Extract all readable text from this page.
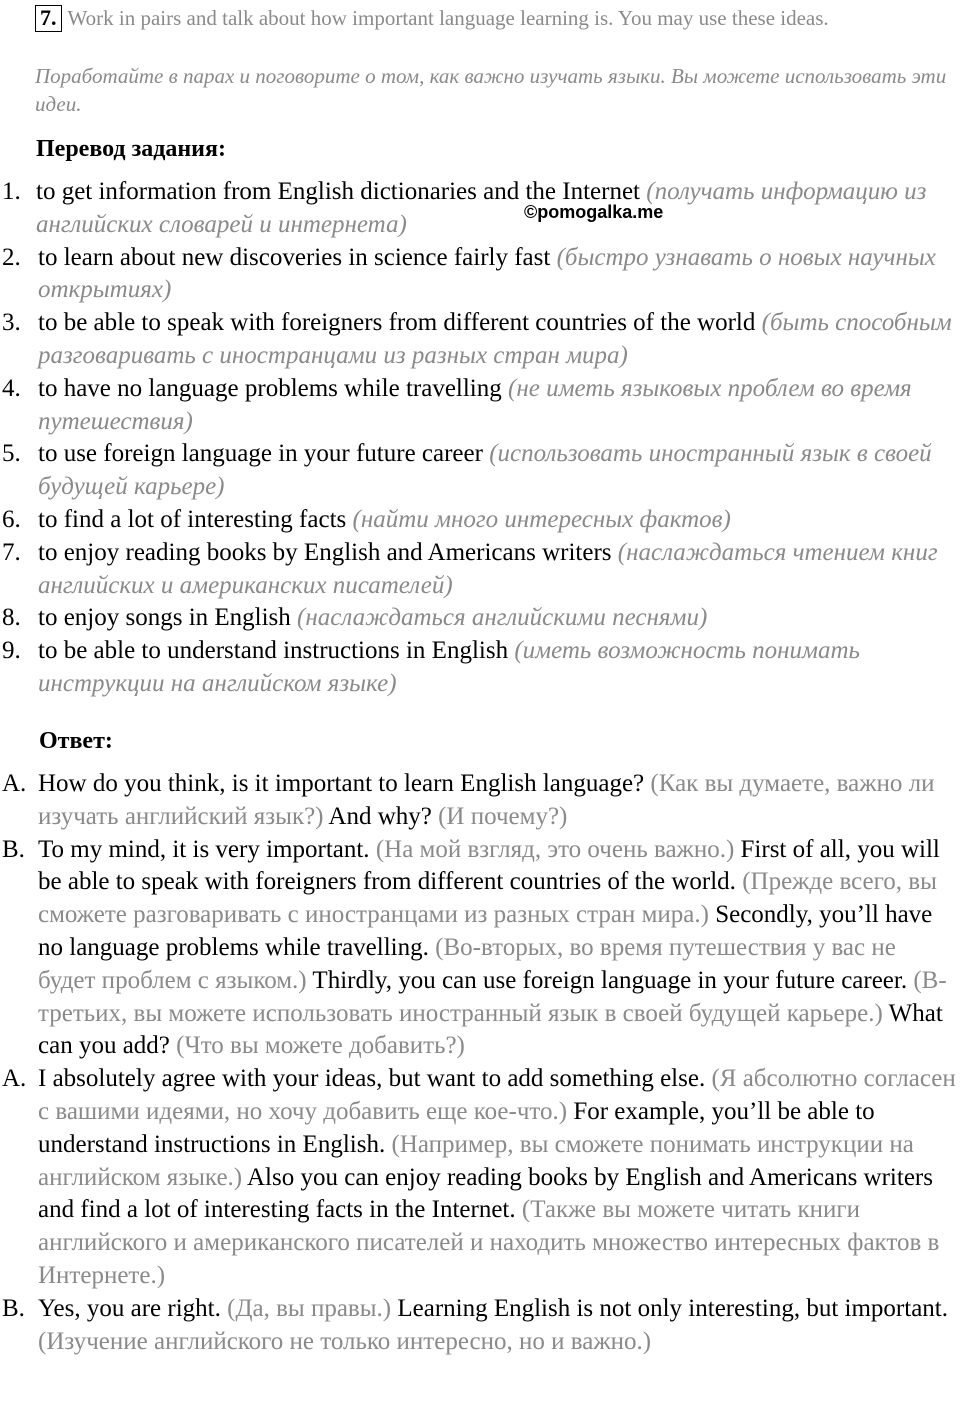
7. Work in pairs and talk about how important language learning is. You may use these ideas.
Поработайте в парах и поговорите о том, как важно изучать языки. Вы можете использовать эти идеи.
Перевод задания:
1. to get information from English dictionaries and the Internet (получать информацию из английских словарей и интернета)
2. to learn about new discoveries in science fairly fast (быстро узнавать о новых научных открытиях)
3. to be able to speak with foreigners from different countries of the world (быть способным разговаривать с иностранцами из разных стран мира)
4. to have no language problems while travelling (не иметь языковых проблем во время путешествия)
5. to use foreign language in your future career (использовать иностранный язык в своей будущей карьере)
6. to find a lot of interesting facts (найти много интересных фактов)
7. to enjoy reading books by English and Americans writers (наслаждаться чтением книг английских и американских писателей)
8. to enjoy songs in English (наслаждаться английскими песнями)
9. to be able to understand instructions in English (иметь возможность понимать инструкции на английском языке)
©pomogalka.me
Ответ:
A. How do you think, is it important to learn English language? (Как вы думаете, важно ли изучать английский язык?) And why? (И почему?)
B. To my mind, it is very important. (На мой взгляд, это очень важно.) First of all, you will be able to speak with foreigners from different countries of the world. (Прежде всего, вы сможете разговаривать с иностранцами из разных стран мира.) Secondly, you’ll have no language problems while travelling. (Во-вторых, во время путешествия у вас не будет проблем с языком.) Thirdly, you can use foreign language in your future career. (В-третьих, вы можете использовать иностранный язык в своей будущей карьере.) What can you add? (Что вы можете добавить?)
A. I absolutely agree with your ideas, but want to add something else. (Я абсолютно согласен с вашими идеями, но хочу добавить еще кое-что.) For example, you’ll be able to understand instructions in English. (Например, вы сможете понимать инструкции на английском языке.) Also you can enjoy reading books by English and Americans writers and find a lot of interesting facts in the Internet. (Также вы можете читать книги английского и американского писателей и находить множество интересных фактов в Интернете.)
B. Yes, you are right. (Да, вы правы.) Learning English is not only interesting, but important. (Изучение английского не только интересно, но и важно.)
